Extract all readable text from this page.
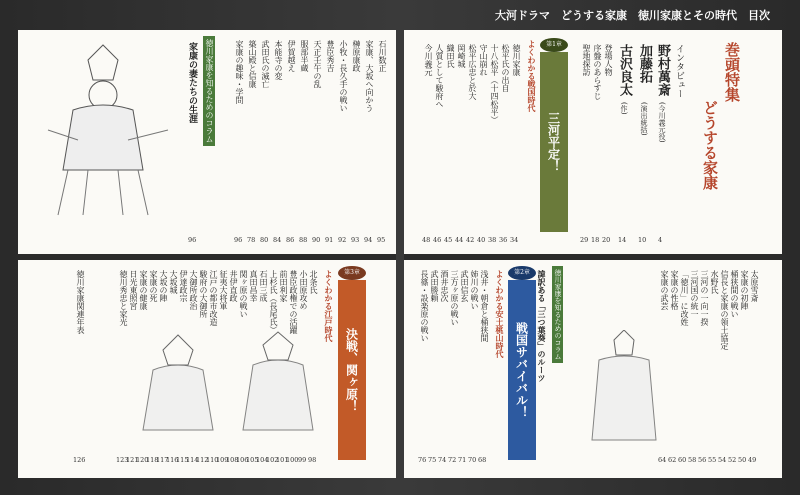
大河ドラマ　どうする家康　徳川家康とその時代　目次
徳川家康を知るためのコラム
家康の妻たちの生涯
96
築山殿と信康 武田氏の滅亡 本能寺の変 伊賀越え 服部半蔵 天正壬午の乱 豊臣秀吉 小牧・長久手の戦い 榊原康政 家康、大坂へ向かう 石川数正
家康の趣味・学問
78 80 84 86 88 90 91 92 93 94 95
96
決戦、関ヶ原！
第3章
よくわかる江戸時代
北条氏
小田原攻め
豊臣政権での活躍
前田利家
上杉氏（長尾氏）
石田三成
真田昌幸
関ヶ原の戦い
井伊直政
征夷大将軍
江戸の都市改造
駿府の大御所
大御所政治
伊達政宗
大坂城
大坂の陣
家康の死
家康の健康
日光東照宮
徳川秀忠と家光
徳川家康関連年表
98
99
100
101
102
104
105
106
108
109
110
112
114
115
116
117
118
120
121
123
126
巻頭特集
どうする家康
インタビュー
野村萬斎
(今川義元役)
加藤拓
(演出統括)
古沢良太
(作)
4
10
14
登場人物
序盤のあらすじ
聖地探訪
20
18
29
三河平定！
第1章
よくわかる戦国時代
徳川家康
松平氏の出自
十八松平（十四松平）
守山崩れ
松平広忠と於大
岡崎城
織田氏
人質として駿府へ
今川義元
34
36
38
40
42
44
45
46
48
太原雪斎
家康の初陣
桶狭間の戦い
信長と家康の領土協定
水野氏
三河の一向一揆
三河国の統一
「徳川」に改姓
家康の性格
家康の武芸
49
50
52
54
55
56
58
60
62
64
徳川家康を知るためのコラム
諱訳ある「三つ葉葵」のルーツ
戦国サバイバル！
第2章
よくわかる安土桃山時代
浅井・朝倉と桶狭間
姉川の戦い
武田信玄
三方ヶ原の戦い
酒井忠次
武田勝頼
長篠・設楽原の戦い
68
70
71
72
74
75
76
